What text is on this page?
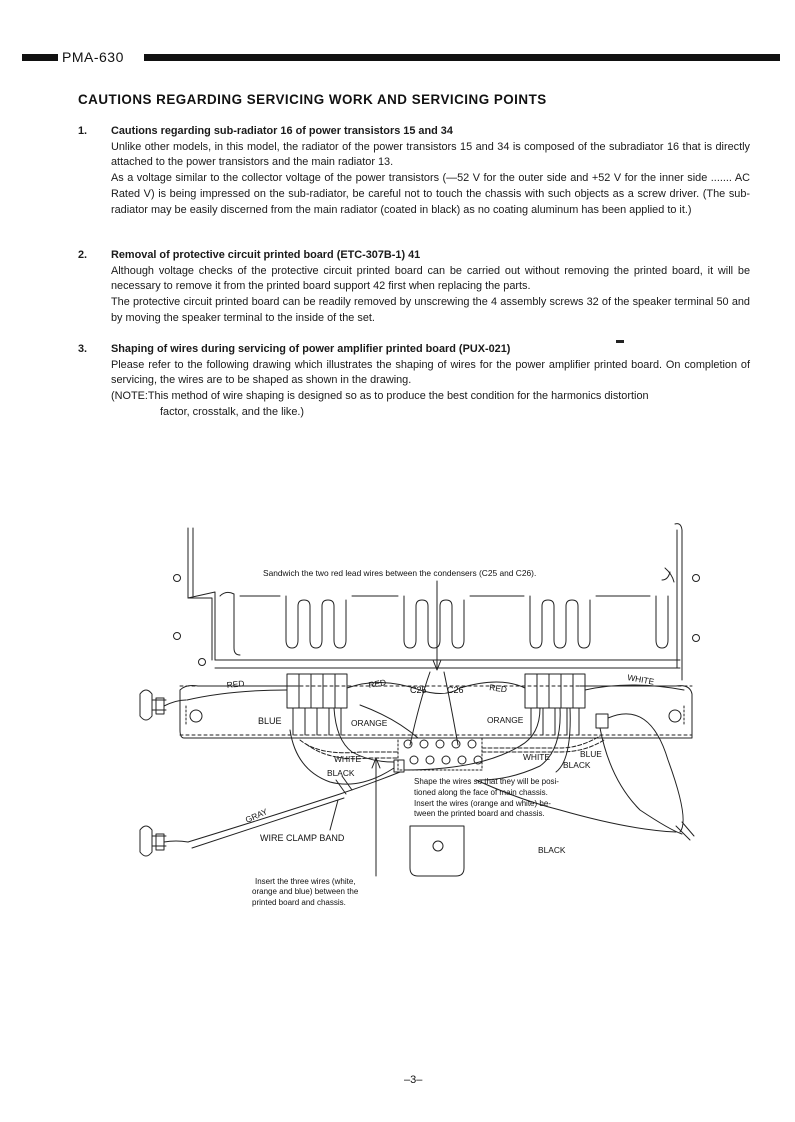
PMA-630
CAUTIONS REGARDING SERVICING WORK AND SERVICING POINTS
1. Cautions regarding sub-radiator 16 of power transistors 15 and 34
Unlike other models, in this model, the radiator of the power transistors 15 and 34 is composed of the subradiator 16 that is directly attached to the power transistors and the main radiator 13.
As a voltage similar to the collector voltage of the power transistors (—52 V for the outer side and +52 V for the inner side ....... AC Rated V) is being impressed on the sub-radiator, be careful not to touch the chassis with such objects as a screw driver. (The sub-radiator may be easily discerned from the main radiator (coated in black) as no coating aluminum has been applied to it.)
2. Removal of protective circuit printed board (ETC-307B-1) 41
Although voltage checks of the protective circuit printed board can be carried out without removing the printed board, it will be necessary to remove it from the printed board support 42 first when replacing the parts.
The protective circuit printed board can be readily removed by unscrewing the 4 assembly screws 32 of the speaker terminal 50 and by moving the speaker terminal to the inside of the set.
3. Shaping of wires during servicing of power amplifier printed board (PUX-021)
Please refer to the following drawing which illustrates the shaping of wires for the power amplifier printed board. On completion of servicing, the wires are to be shaped as shown in the drawing.
(NOTE: This method of wire shaping is designed so as to produce the best condition for the harmonics distortion
factor, crosstalk, and the like.)
Sandwich the two red lead wires between the condensers (C25 and C26).
RED	RED
C25 C26	RED
WHITE
BLUE	ORANGE	ORANGE
WHITE
BLACK
WHITE	BLUE
BLACK
Shape the wires so that they will be posi-
tioned along the face of main chassis.
Insert the wires (orange and white) be-
tween the printed board and chassis.
GRAY
WIRE CLAMP BAND
BLACK
Insert the three wires (white,
orange and blue) between the
printed board and chassis.
–3–
